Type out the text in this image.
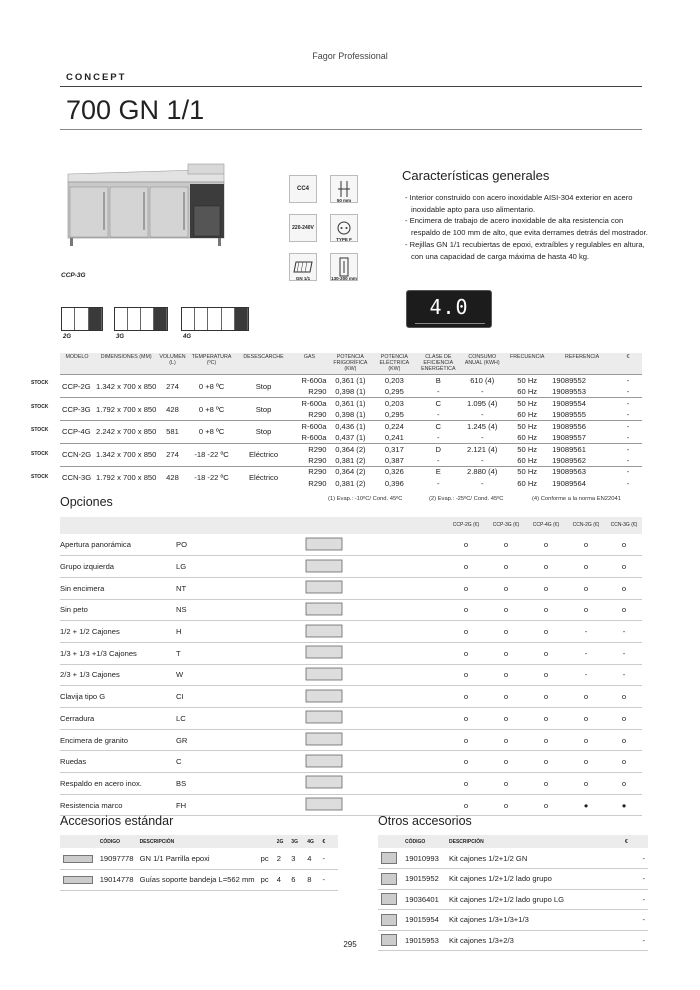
Fagor Professional
CONCEPT
700 GN 1/1
CCP-3G
CC4
50 mm
220-240V
TYPE F
GN 1/1	130-200 mm
Características generales
- Interior construido con acero inoxidable AISI-304 exterior en acero inoxidable apto para uso alimentario.
- Encimera de trabajo de acero inoxidable de alta resistencia con respaldo de 100 mm de alto, que evita derrames detrás del mostrador.
- Rejillas GN 1/1 recubiertas de epoxi, extraíbles y regulables en altura, con una capacidad de carga máxima de hasta 40 kg.
4.0
2G	3G	4G
MODELO	DIMENSIONES (MM)	VOLUMEN (L)	TEMPERATURA (ºC)	DESESCARCHE	GAS	POTENCIA FRIGORÍFICA (KW)	POTENCIA ELÉCTRICA (KW)	CLASE DE EFICIENCIA ENERGÉTICA	CONSUMO ANUAL (KWH)	FRECUENCIA	REFERENCIA	€
CCP-2G	1.342 x 700 x 850	274	0 +8 ºC	Stop	R-600a	0,361 (1)	0,203	B	610 (4)	50 Hz	19089552	-
					R290	0,398 (1)	0,295	-	-	60 Hz	19089553	-
CCP-3G	1.792 x 700 x 850	428	0 +8 ºC	Stop	R-600a	0,361 (1)	0,203	C	1.095 (4)	50 Hz	19089554	-
					R290	0,398 (1)	0,295	-	-	60 Hz	19089555	-
CCP-4G	2.242 x 700 x 850	581	0 +8 ºC	Stop	R-600a	0,436 (1)	0,224	C	1.245 (4)	50 Hz	19089556	-
					R-600a	0,437 (1)	0,241	-	-	60 Hz	19089557	-
CCN-2G	1.342 x 700 x 850	274	-18 -22 ºC	Eléctrico	R290	0,364 (2)	0,317	D	2.121 (4)	50 Hz	19089561	-
					R290	0,381 (2)	0,387	-	-	60 Hz	19089562	-
CCN-3G	1.792 x 700 x 850	428	-18 -22 ºC	Eléctrico	R290	0,364 (2)	0,326	E	2.880 (4)	50 Hz	19089563	-
					R290	0,381 (2)	0,396	-	-	60 Hz	19089564	-
STOCK
STOCK
STOCK
STOCK
STOCK
Opciones	(1) Evap.: -10ºC/ Cond. 45ºC	(2) Evap.: -25ºC/ Cond. 45ºC	(4) Conforme a la norma EN22041
			CCP-2G (€)	CCP-3G (€)	CCP-4G (€)	CCN-2G (€)	CCN-3G (€)
Apertura panorámica	PO		o	o	o	o	o
Grupo izquierda	LG		o	o	o	o	o
Sin encimera	NT		o	o	o	o	o
Sin peto	NS		o	o	o	o	o
1/2 + 1/2 Cajones	H		o	o	o	-	-
1/3 + 1/3 +1/3 Cajones	T		o	o	o	-	-
2/3 + 1/3 Cajones	W		o	o	o	-	-
Clavija tipo G	CI		o	o	o	o	o
Cerradura	LC		o	o	o	o	o
Encimera de granito	GR		o	o	o	o	o
Ruedas	C		o	o	o	o	o
Respaldo en acero inox.	BS		o	o	o	o	o
Resistencia marco	FH		o	o	o	●	●
Accesorios estándar
	CÓDIGO	DESCRIPCIÓN		2G	3G	4G	€
	19097778	GN 1/1 Parrilla epoxi	pc	2	3	4	-
	19014778	Guías soporte bandeja L=562 mm	pc	4	6	8	-
Otros accesorios
	CÓDIGO	DESCRIPCIÓN	€
	19010993	Kit cajones 1/2+1/2 GN	-
	19015952	Kit cajones 1/2+1/2 lado grupo	-
	19036401	Kit cajones 1/2+1/2 lado grupo LG	-
	19015954	Kit cajones 1/3+1/3+1/3	-
	19015953	Kit cajones 1/3+2/3	-
295
